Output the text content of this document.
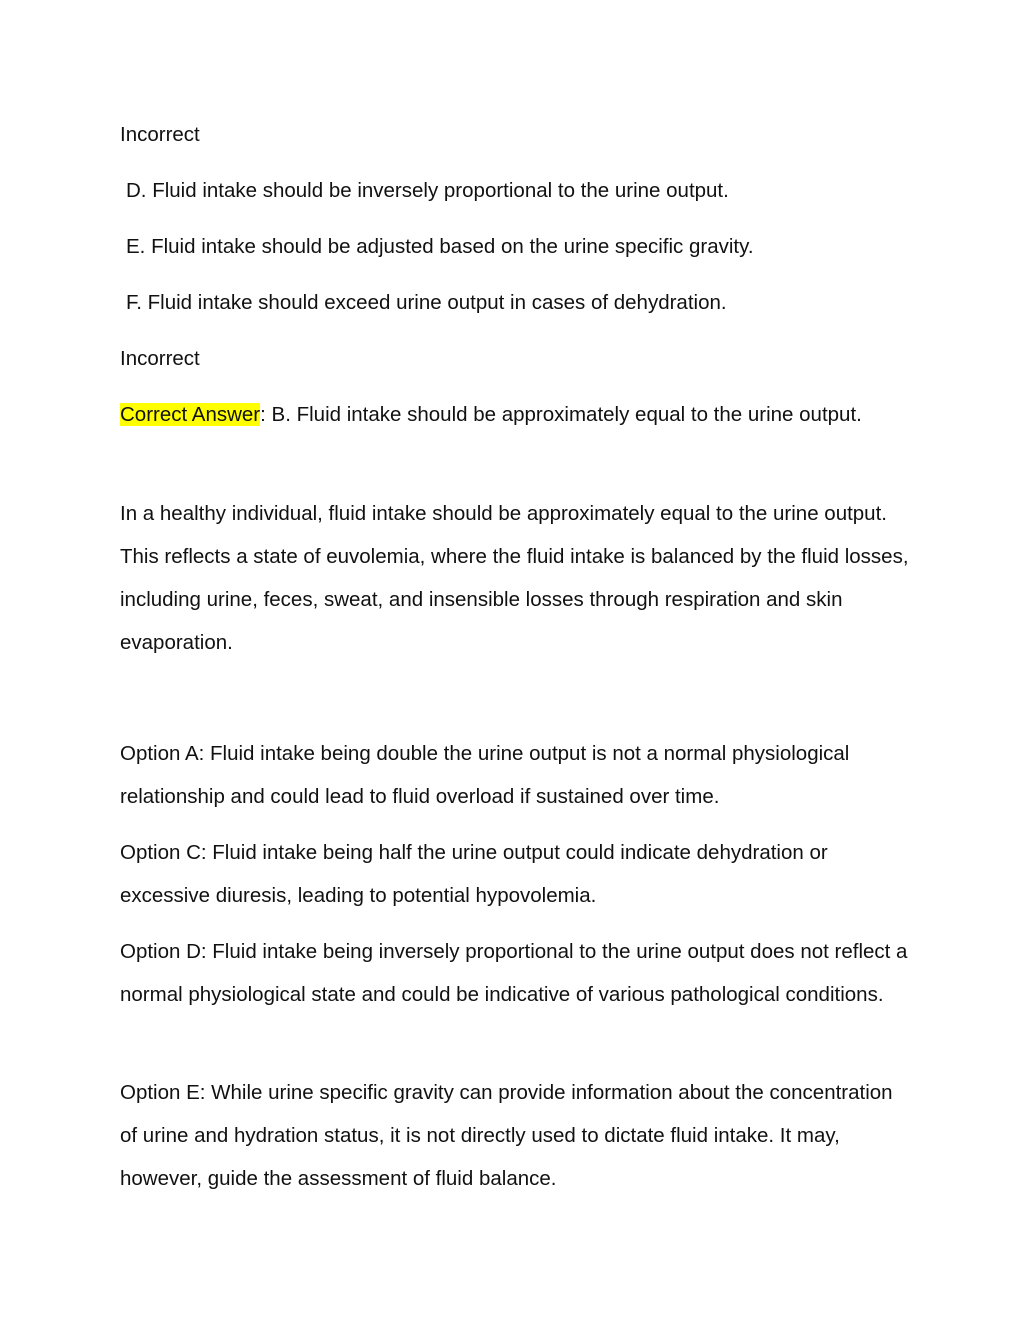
Incorrect

D. Fluid intake should be inversely proportional to the urine output.

E. Fluid intake should be adjusted based on the urine specific gravity.

F. Fluid intake should exceed urine output in cases of dehydration.

Incorrect

Correct Answer: B. Fluid intake should be approximately equal to the urine output.

In a healthy individual, fluid intake should be approximately equal to the urine output. This reflects a state of euvolemia, where the fluid intake is balanced by the fluid losses, including urine, feces, sweat, and insensible losses through respiration and skin evaporation.

Option A: Fluid intake being double the urine output is not a normal physiological relationship and could lead to fluid overload if sustained over time.

Option C: Fluid intake being half the urine output could indicate dehydration or excessive diuresis, leading to potential hypovolemia.

Option D: Fluid intake being inversely proportional to the urine output does not reflect a normal physiological state and could be indicative of various pathological conditions.

Option E: While urine specific gravity can provide information about the concentration of urine and hydration status, it is not directly used to dictate fluid intake. It may, however, guide the assessment of fluid balance.
